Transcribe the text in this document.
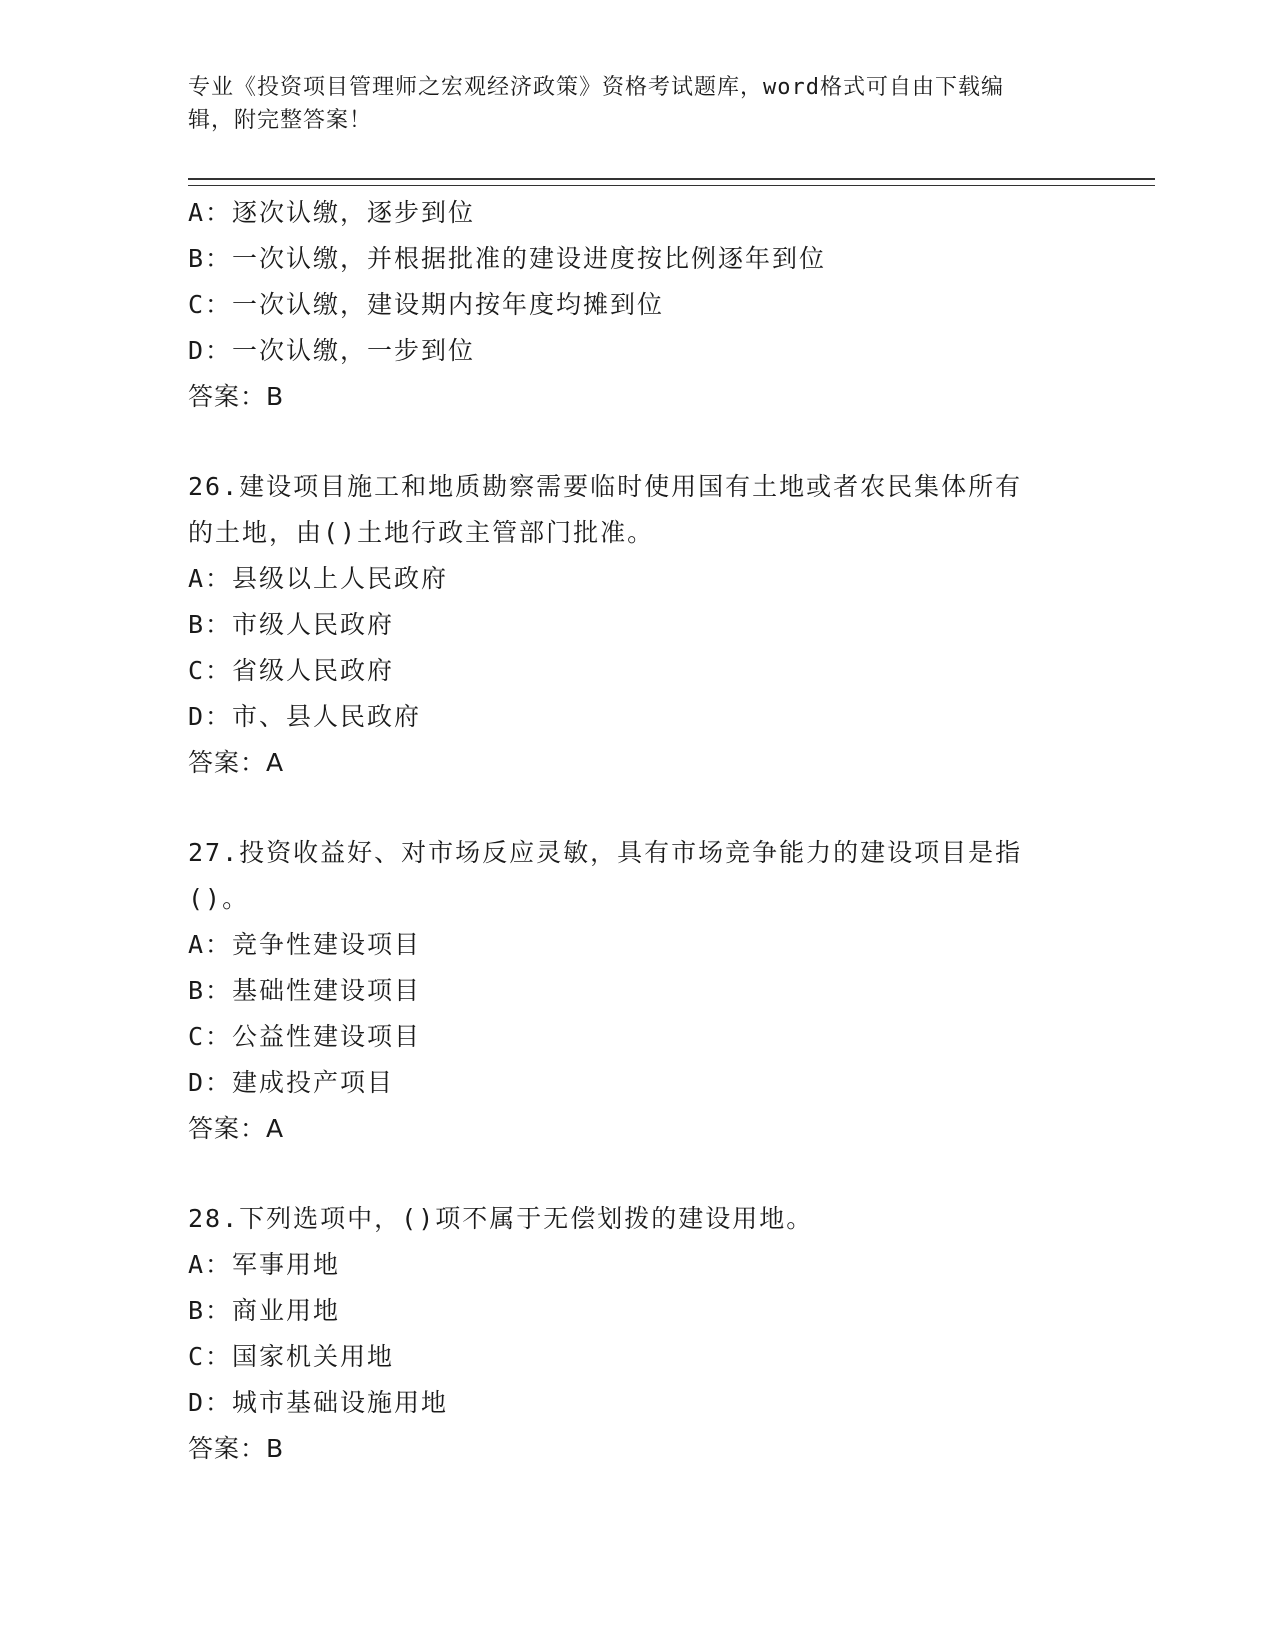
专业《投资项目管理师之宏观经济政策》资格考试题库，word格式可自由下载编
辑，附完整答案！
A：逐次认缴，逐步到位
B：一次认缴，并根据批准的建设进度按比例逐年到位
C：一次认缴，建设期内按年度均摊到位
D：一次认缴，一步到位
答案：B
26.建设项目施工和地质勘察需要临时使用国有土地或者农民集体所有
的土地，由()土地行政主管部门批准。
A：县级以上人民政府
B：市级人民政府
C：省级人民政府
D：市、县人民政府
答案：A
27.投资收益好、对市场反应灵敏，具有市场竞争能力的建设项目是指
()。
A：竞争性建设项目
B：基础性建设项目
C：公益性建设项目
D：建成投产项目
答案：A
28.下列选项中，()项不属于无偿划拨的建设用地。
A：军事用地
B：商业用地
C：国家机关用地
D：城市基础设施用地
答案：B
